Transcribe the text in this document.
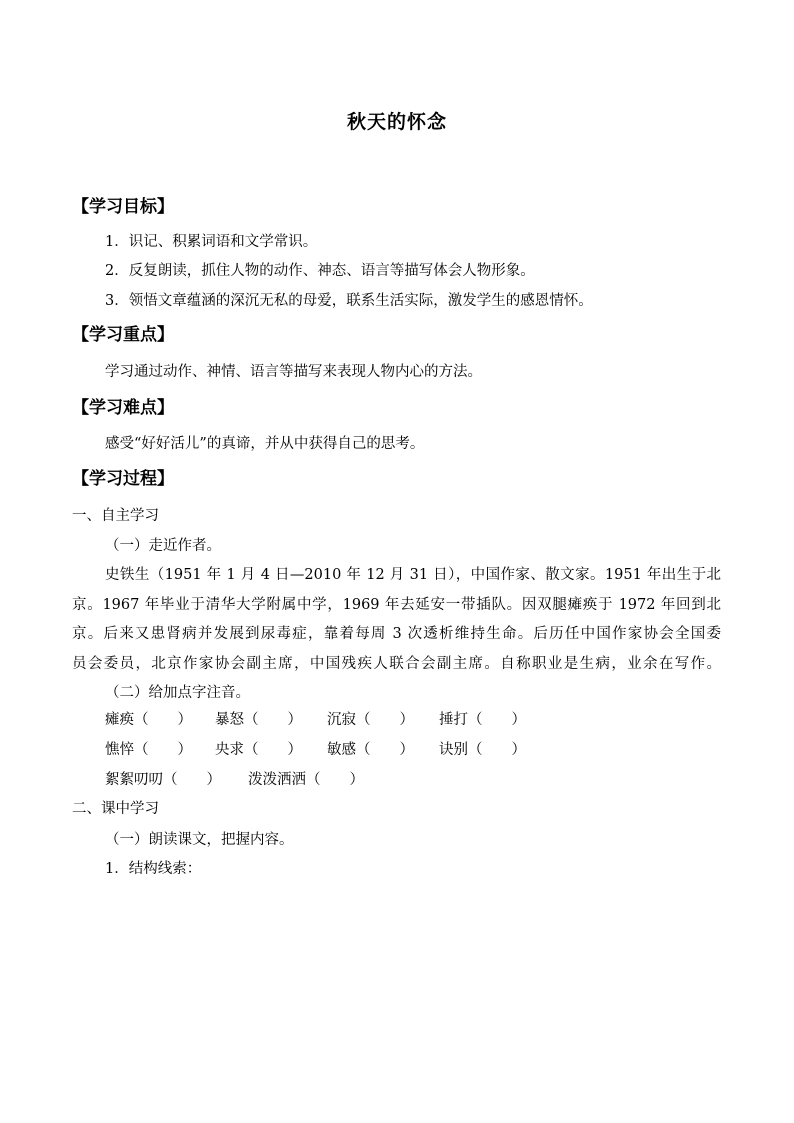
秋天的怀念
【学习目标】
1．识记、积累词语和文学常识。
2．反复朗读，抓住人物的动作、神态、语言等描写体会人物形象。
3．领悟文章蕴涵的深沉无私的母爱，联系生活实际，激发学生的感恩情怀。
【学习重点】
学习通过动作、神情、语言等描写来表现人物内心的方法。
【学习难点】
感受“好好活儿”的真谛，并从中获得自己的思考。
【学习过程】
一、自主学习
（一）走近作者。
史铁生（1951 年 1 月 4 日—2010 年 12 月 31 日），中国作家、散文家。1951 年出生于北
京。1967 年毕业于清华大学附属中学，1969 年去延安一带插队。因双腿瘫痪于 1972 年回到北
京。后来又患肾病并发展到尿毒症，靠着每周 3 次透析维持生命。后历任中国作家协会全国委
员会委员，北京作家协会副主席，中国残疾人联合会副主席。自称职业是生病，业余在写作。
（二）给加点字注音。
瘫痪（　　） 暴怒（　　） 沉寂（　　） 捶打（　　）
憔悴（　　） 央求（　　） 敏感（　　） 诀别（　　）
絮絮叨叨（　　） 泼泼洒洒（　　）
二、课中学习
（一）朗读课文，把握内容。
1．结构线索：
